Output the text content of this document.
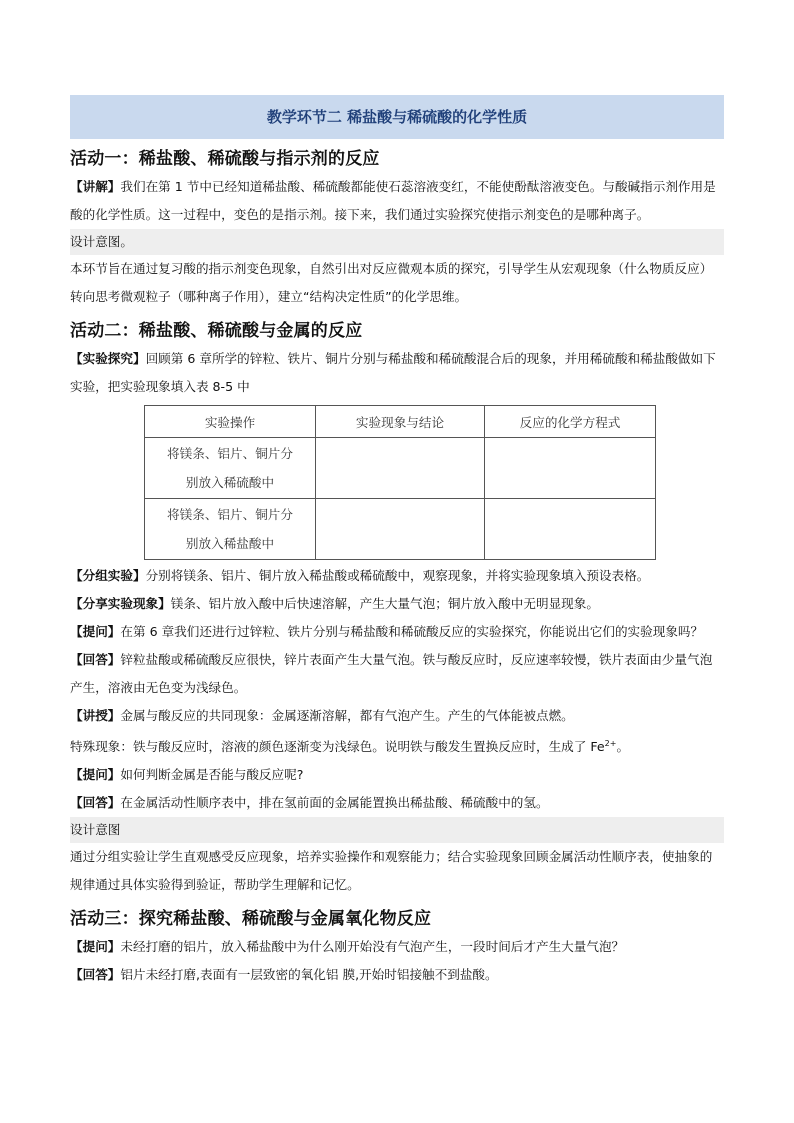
教学环节二 稀盐酸与稀硫酸的化学性质
活动一：稀盐酸、稀硫酸与指示剂的反应
【讲解】我们在第 1 节中已经知道稀盐酸、稀硫酸都能使石蕊溶液变红，不能使酚酞溶液变色。与酸碱指示剂作用是酸的化学性质。这一过程中，变色的是指示剂。接下来，我们通过实验探究使指示剂变色的是哪种离子。
设计意图。
本环节旨在通过复习酸的指示剂变色现象，自然引出对反应微观本质的探究，引导学生从宏观现象（什么物质反应）转向思考微观粒子（哪种离子作用），建立“结构决定性质”的化学思维。
活动二：稀盐酸、稀硫酸与金属的反应
【实验探究】回顾第 6 章所学的锌粒、铁片、铜片分别与稀盐酸和稀硫酸混合后的现象，并用稀硫酸和稀盐酸做如下实验，把实验现象填入表 8-5 中
实验操作	实验现象与结论	反应的化学方程式

将镁条、铝片、铜片分别放入稀硫酸中		

将镁条、铝片、铜片分别放入稀盐酸中		

【分组实验】分别将镁条、铝片、铜片放入稀盐酸或稀硫酸中，观察现象，并将实验现象填入预设表格。
【分享实验现象】镁条、铝片放入酸中后快速溶解，产生大量气泡；铜片放入酸中无明显现象。
【提问】在第 6 章我们还进行过锌粒、铁片分别与稀盐酸和稀硫酸反应的实验探究，你能说出它们的实验现象吗？
【回答】锌粒盐酸或稀硫酸反应很快，锌片表面产生大量气泡。铁与酸反应时，反应速率较慢，铁片表面由少量气泡产生，溶液由无色变为浅绿色。
【讲授】金属与酸反应的共同现象：金属逐渐溶解，都有气泡产生。产生的气体能被点燃。
特殊现象：铁与酸反应时，溶液的颜色逐渐变为浅绿色。说明铁与酸发生置换反应时，生成了 $Fe^{2+}$。
【提问】如何判断金属是否能与酸反应呢?
【回答】在金属活动性顺序表中，排在氢前面的金属能置换出稀盐酸、稀硫酸中的氢。
设计意图
通过分组实验让学生直观感受反应现象，培养实验操作和观察能力；结合实验现象回顾金属活动性顺序表，使抽象的规律通过具体实验得到验证，帮助学生理解和记忆。
活动三：探究稀盐酸、稀硫酸与金属氧化物反应
【提问】未经打磨的铝片，放入稀盐酸中为什么刚开始没有气泡产生，一段时间后才产生大量气泡？
【回答】铝片未经打磨,表面有一层致密的氧化铝 膜,开始时铝接触不到盐酸。
